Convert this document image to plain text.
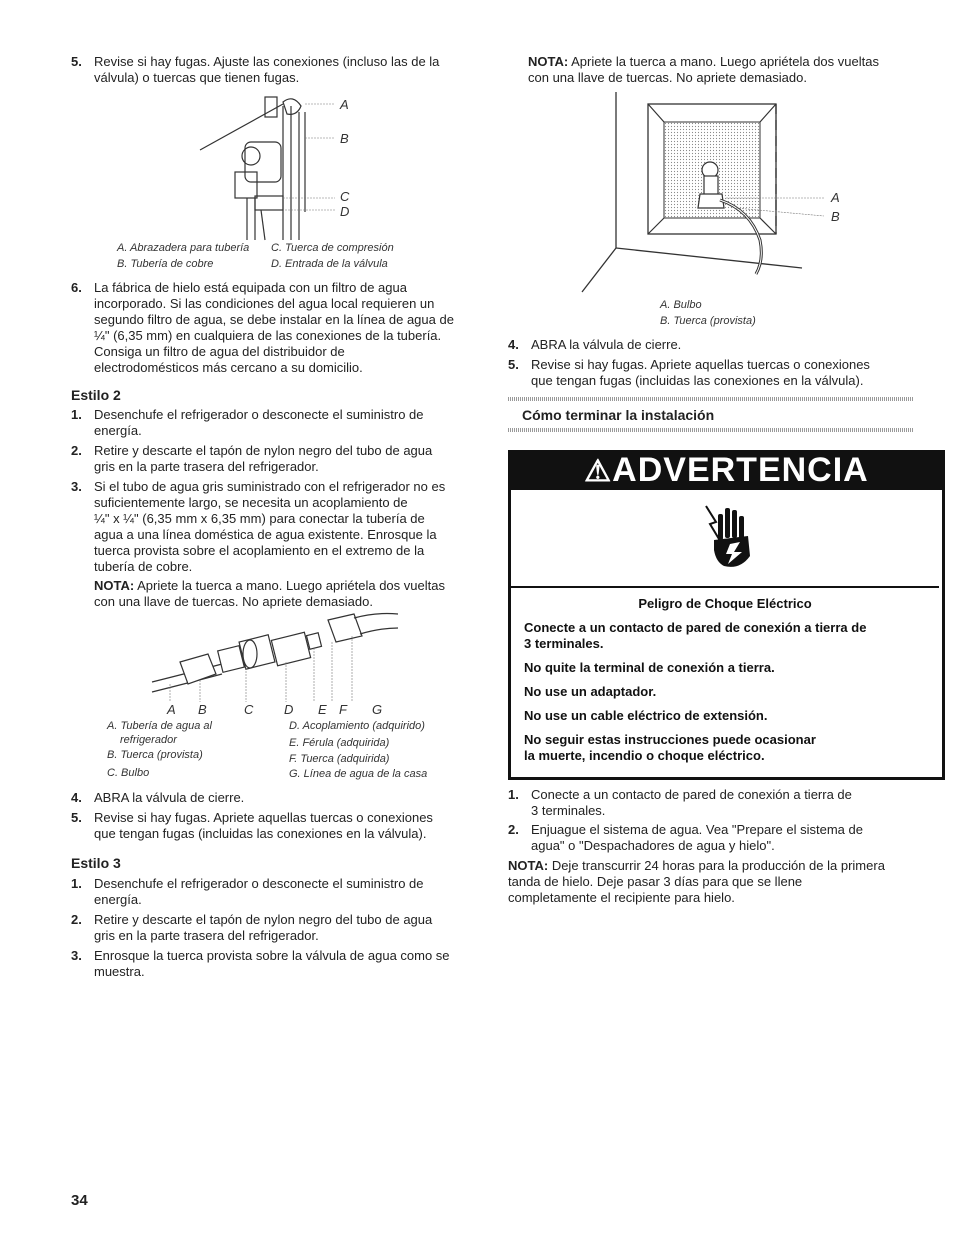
5. Revise si hay fugas. Ajuste las conexiones (incluso las de la
válvula) o tuercas que tienen fugas.
A
B
C
D
A. Abrazadera para tubería
B. Tubería de cobre
C. Tuerca de compresión
D. Entrada de la válvula
6. La fábrica de hielo está equipada con un filtro de agua
incorporado. Si las condiciones del agua local requieren un
segundo filtro de agua, se debe instalar en la línea de agua de
¼" (6,35 mm) en cualquiera de las conexiones de la tubería.
Consiga un filtro de agua del distribuidor de
electrodomésticos más cercano a su domicilio.
Estilo 2
1. Desenchufe el refrigerador o desconecte el suministro de
energía.
2. Retire y descarte el tapón de nylon negro del tubo de agua
gris en la parte trasera del refrigerador.
3. Si el tubo de agua gris suministrado con el refrigerador no es
suficientemente largo, se necesita un acoplamiento de
¼" x ¼" (6,35 mm x 6,35 mm) para conectar la tubería de
agua a una línea doméstica de agua existente. Enrosque la
tuerca provista sobre el acoplamiento en el extremo de la
tubería de cobre.
NOTA: Apriete la tuerca a mano. Luego apriétela dos vueltas
con una llave de tuercas. No apriete demasiado.
A B	C D E F G
A. Tubería de agua al
refrigerador
B. Tuerca (provista)
C. Bulbo
D. Acoplamiento (adquirido)
E. Férula (adquirida)
F. Tuerca (adquirida)
G. Línea de agua de la casa
4. ABRA la válvula de cierre.
5. Revise si hay fugas. Apriete aquellas tuercas o conexiones
que tengan fugas (incluidas las conexiones en la válvula).
Estilo 3
1. Desenchufe el refrigerador o desconecte el suministro de
energía.
2. Retire y descarte el tapón de nylon negro del tubo de agua
gris en la parte trasera del refrigerador.
3. Enrosque la tuerca provista sobre la válvula de agua como se
muestra.
34
NOTA: Apriete la tuerca a mano. Luego apriétela dos vueltas
con una llave de tuercas. No apriete demasiado.
A
B
A. Bulbo
B. Tuerca (provista)
4. ABRA la válvula de cierre.
5. Revise si hay fugas. Apriete aquellas tuercas o conexiones
que tengan fugas (incluidas las conexiones en la válvula).
Cómo terminar la instalación
⚠ADVERTENCIA
Peligro de Choque Eléctrico
Conecte a un contacto de pared de conexión a tierra de
3 terminales.
No quite la terminal de conexión a tierra.
No use un adaptador.
No use un cable eléctrico de extensión.
No seguir estas instrucciones puede ocasionar
la muerte, incendio o choque eléctrico.
1. Conecte a un contacto de pared de conexión a tierra de
3 terminales.
2. Enjuague el sistema de agua. Vea "Prepare el sistema de
agua" o "Despachadores de agua y hielo".
NOTA: Deje transcurrir 24 horas para la producción de la primera
tanda de hielo. Deje pasar 3 días para que se llene
completamente el recipiente para hielo.
